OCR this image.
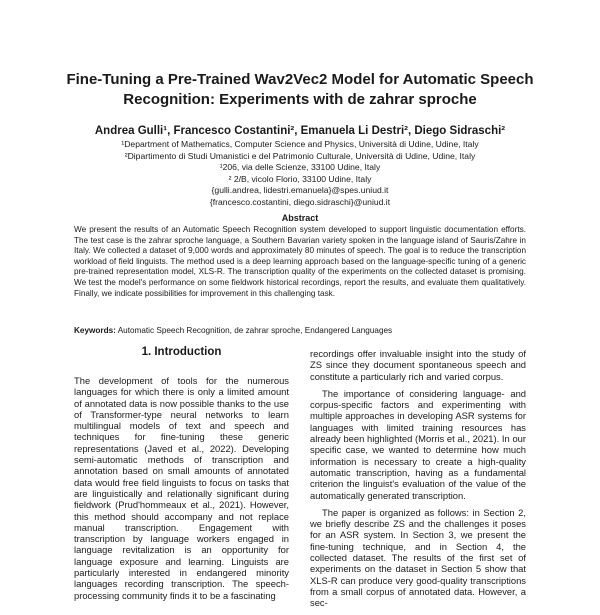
Fine-Tuning a Pre-Trained Wav2Vec2 Model for Automatic Speech Recognition: Experiments with de zahrar sproche
Andrea Gulli¹, Francesco Costantini², Emanuela Li Destri², Diego Sidraschi²
¹Department of Mathematics, Computer Science and Physics, Università di Udine, Udine, Italy
²Dipartimento di Studi Umanistici e del Patrimonio Culturale, Università di Udine, Udine, Italy
¹206, via delle Scienze, 33100 Udine, Italy
² 2/B, vicolo Florio, 33100 Udine, Italy
{gulli.andrea, lidestri.emanuela}@spes.uniud.it
{francesco.costantini, diego.sidraschi}@uniud.it
Abstract
We present the results of an Automatic Speech Recognition system developed to support linguistic documentation efforts. The test case is the zahrar sproche language, a Southern Bavarian variety spoken in the language island of Sauris/Zahre in Italy. We collected a dataset of 9,000 words and approximately 80 minutes of speech. The goal is to reduce the transcription workload of field linguists. The method used is a deep learning approach based on the language-specific tuning of a generic pre-trained representation model, XLS-R. The transcription quality of the experiments on the collected dataset is promising. We test the model's performance on some fieldwork historical recordings, report the results, and evaluate them qualitatively. Finally, we indicate possibilities for improvement in this challenging task.
Keywords: Automatic Speech Recognition, de zahrar sproche, Endangered Languages
1. Introduction

The development of tools for the numerous languages for which there is only a limited amount of annotated data is now possible thanks to the use of Transformer-type neural networks to learn multilingual models of text and speech and techniques for fine-tuning these generic representations (Javed et al., 2022). Developing semi-automatic methods of transcription and annotation based on small amounts of annotated data would free field linguists to focus on tasks that are linguistically and relationally significant during fieldwork (Prud'hommeaux et al., 2021). However, this method should accompany and not replace manual transcription. Engagement with transcription by language workers engaged in language revitalization is an opportunity for language exposure and learning. Linguists are particularly interested in endangered minority languages recording transcription. The speech-processing community finds it to be a fascinating

recordings offer invaluable insight into the study of ZS since they document spontaneous speech and constitute a particularly rich and varied corpus.

The importance of considering language- and corpus-specific factors and experimenting with multiple approaches in developing ASR systems for languages with limited training resources has already been highlighted (Morris et al., 2021). In our specific case, we wanted to determine how much information is necessary to create a high-quality automatic transcription, having as a fundamental criterion the linguist's evaluation of the value of the automatically generated transcription.

The paper is organized as follows: in Section 2, we briefly describe ZS and the challenges it poses for an ASR system. In Section 3, we present the fine-tuning technique, and in Section 4, the collected dataset. The results of the first set of experiments on the dataset in Section 5 show that XLS-R can produce very good-quality transcriptions from a small corpus of annotated data. However, a sec-
